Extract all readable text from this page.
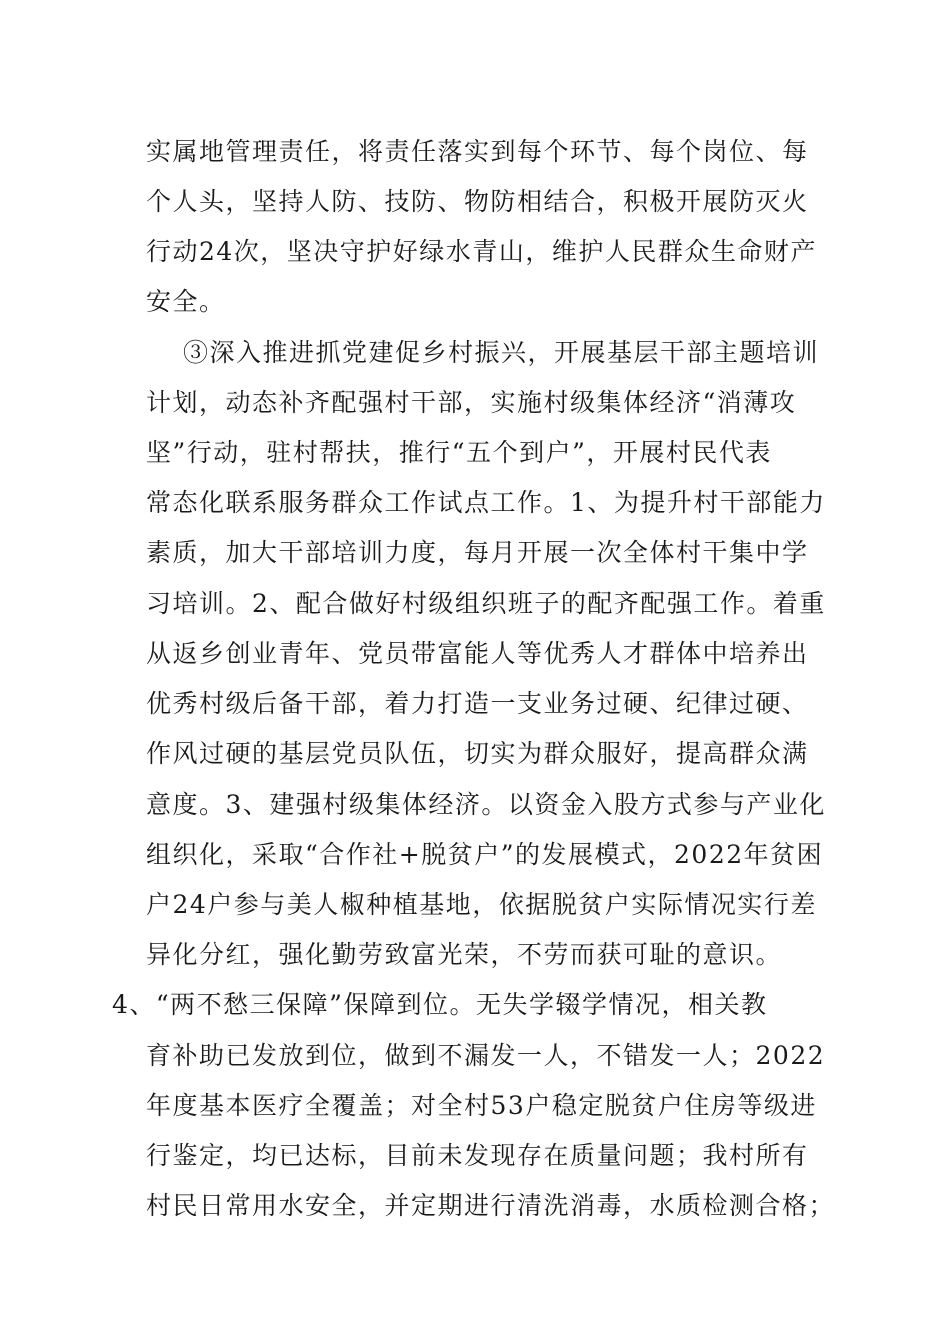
实属地管理责任，将责任落实到每个环节、每个岗位、每
个人头，坚持人防、技防、物防相结合，积极开展防灭火
行动24次，坚决守护好绿水青山，维护人民群众生命财产
安全。
③深入推进抓党建促乡村振兴，开展基层干部主题培训
计划，动态补齐配强村干部，实施村级集体经济“消薄攻
坚”行动，驻村帮扶，推行“五个到户”，开展村民代表
常态化联系服务群众工作试点工作。1、为提升村干部能力
素质，加大干部培训力度，每月开展一次全体村干集中学
习培训。2、配合做好村级组织班子的配齐配强工作。着重
从返乡创业青年、党员带富能人等优秀人才群体中培养出
优秀村级后备干部，着力打造一支业务过硬、纪律过硬、
作风过硬的基层党员队伍，切实为群众服好，提高群众满
意度。3、建强村级集体经济。以资金入股方式参与产业化
组织化，采取“合作社+脱贫户”的发展模式，2022年贫困
户24户参与美人椒种植基地，依据脱贫户实际情况实行差
异化分红，强化勤劳致富光荣，不劳而获可耻的意识。
4、“两不愁三保障”保障到位。无失学辍学情况，相关教
育补助已发放到位，做到不漏发一人，不错发一人；2022
年度基本医疗全覆盖；对全村53户稳定脱贫户住房等级进
行鉴定，均已达标，目前未发现存在质量问题；我村所有
村民日常用水安全，并定期进行清洗消毒，水质检测合格；
